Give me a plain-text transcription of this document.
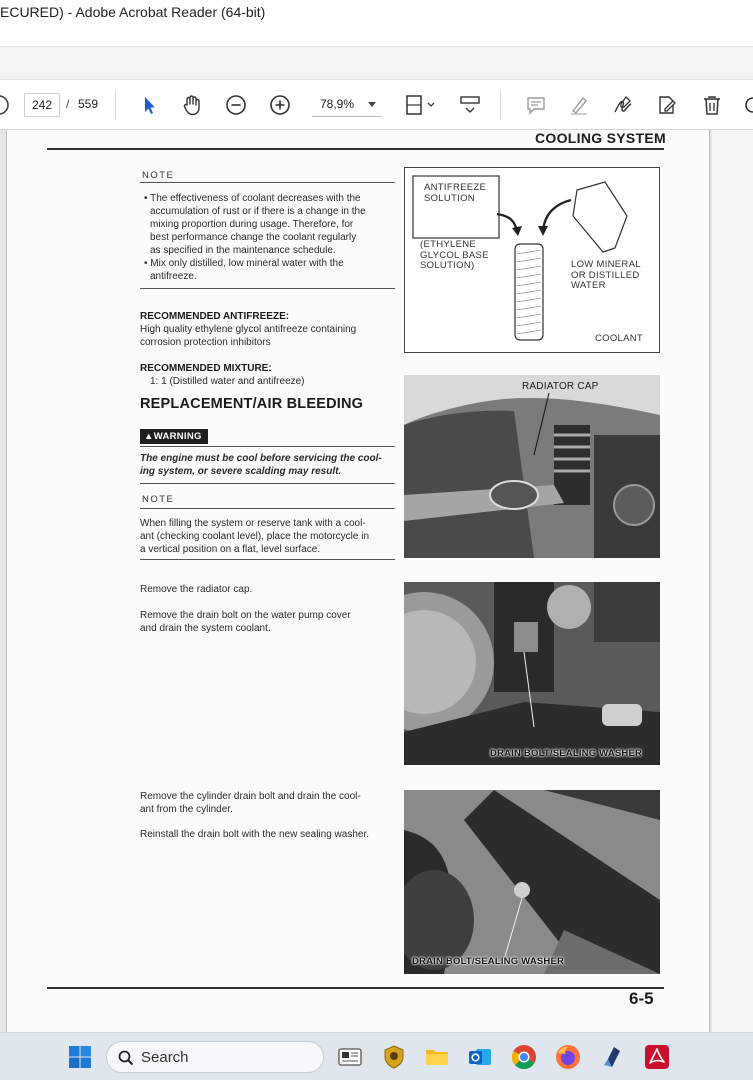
ECURED) - Adobe Acrobat Reader (64-bit)
242	/ 559	78,9%
COOLING SYSTEM
NOTE
• The effectiveness of coolant decreases with the
accumulation of rust or if there is a change in the
mixing proportion during usage. Therefore, for
best performance change the coolant regularly
as specified in the maintenance schedule.
• Mix only distilled, low mineral water with the
antifreeze.
RECOMMENDED ANTIFREEZE:
High quality ethylene glycol antifreeze containing
corrosion protection inhibitors
RECOMMENDED MIXTURE:
1: 1 (Distilled water and antifreeze)
REPLACEMENT/AIR BLEEDING
▲WARNING
The engine must be cool before servicing the cool-
ing system, or severe scalding may result.
NOTE
When filling the system or reserve tank with a cool-
ant (checking coolant level), place the motorcycle in
a vertical position on a flat, level surface.
Remove the radiator cap.
Remove the drain bolt on the water pump cover
and drain the system coolant.
Remove the cylinder drain bolt and drain the cool-
ant from the cylinder.
Reinstall the drain bolt with the new sealing washer.
ANTIFREEZE
SOLUTION
(ETHYLENE
GLYCOL BASE
SOLUTION)	LOW MINERAL
OR DISTILLED
WATER
COOLANT
RADIATOR CAP
DRAIN BOLT/SEALING WASHER
DRAIN BOLT/SEALING WASHER
6-5
Search
